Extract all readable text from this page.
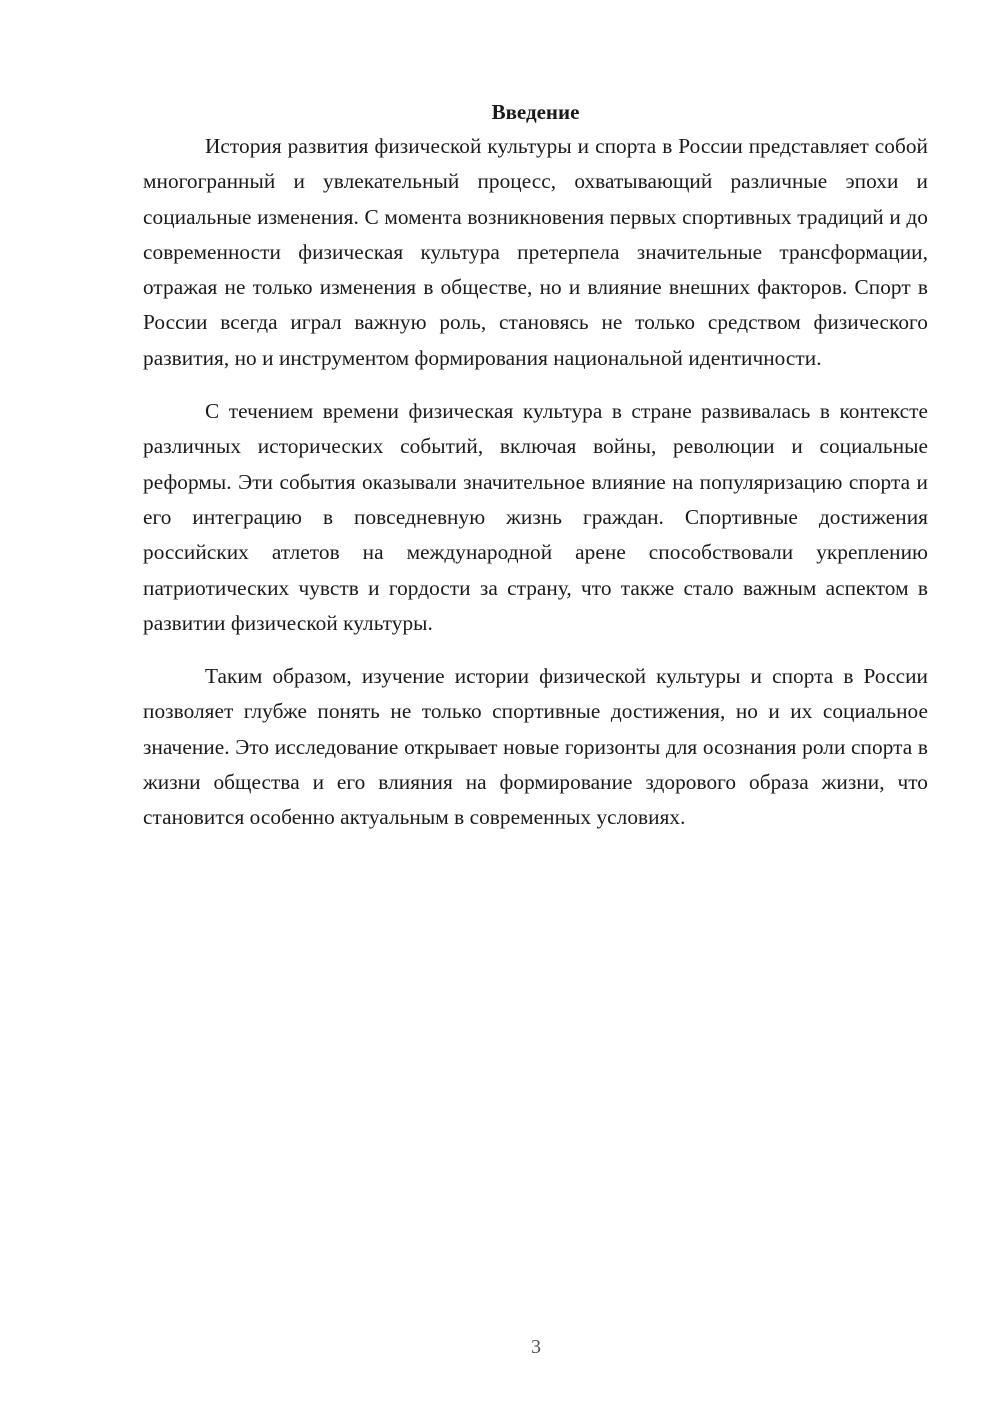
Введение

История развития физической культуры и спорта в России представляет собой многогранный и увлекательный процесс, охватывающий различные эпохи и социальные изменения. С момента возникновения первых спортивных традиций и до современности физическая культура претерпела значительные трансформации, отражая не только изменения в обществе, но и влияние внешних факторов. Спорт в России всегда играл важную роль, становясь не только средством физического развития, но и инструментом формирования национальной идентичности.

С течением времени физическая культура в стране развивалась в контексте различных исторических событий, включая войны, революции и социальные реформы. Эти события оказывали значительное влияние на популяризацию спорта и его интеграцию в повседневную жизнь граждан. Спортивные достижения российских атлетов на международной арене способствовали укреплению патриотических чувств и гордости за страну, что также стало важным аспектом в развитии физической культуры.

Таким образом, изучение истории физической культуры и спорта в России позволяет глубже понять не только спортивные достижения, но и их социальное значение. Это исследование открывает новые горизонты для осознания роли спорта в жизни общества и его влияния на формирование здорового образа жизни, что становится особенно актуальным в современных условиях.

3
